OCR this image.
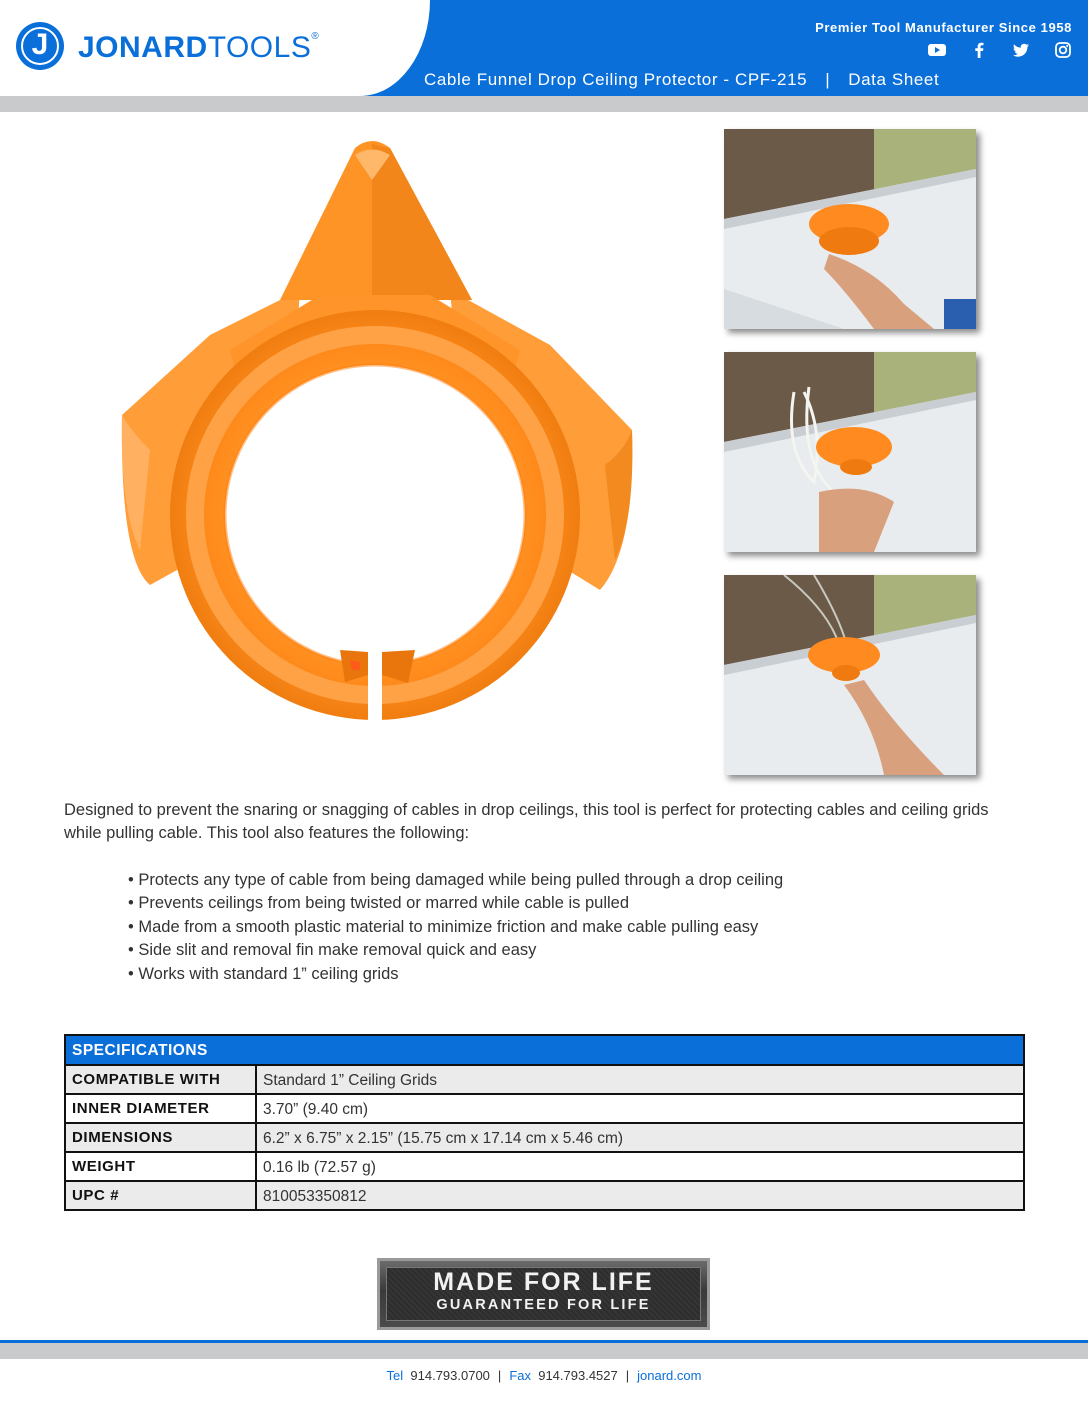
J JONARDTOOLS®
Premier Tool Manufacturer Since 1958
Cable Funnel Drop Ceiling Protector - CPF-215 | Data Sheet
Designed to prevent the snaring or snagging of cables in drop ceilings, this tool is perfect for protecting cables and ceiling grids while pulling cable. This tool also features the following:
• Protects any type of cable from being damaged while being pulled through a drop ceiling
• Prevents ceilings from being twisted or marred while cable is pulled
• Made from a smooth plastic material to minimize friction and make cable pulling easy
• Side slit and removal fin make removal quick and easy
• Works with standard 1” ceiling grids
SPECIFICATIONS
COMPATIBLE WITH	Standard 1” Ceiling Grids
INNER DIAMETER	3.70” (9.40 cm)
DIMENSIONS	6.2” x 6.75” x 2.15” (15.75 cm x 17.14 cm x 5.46 cm)
WEIGHT	0.16 lb (72.57 g)
UPC #	810053350812
MADE FOR LIFE
GUARANTEED FOR LIFE
Tel 914.793.0700 | Fax 914.793.4527 | jonard.com
